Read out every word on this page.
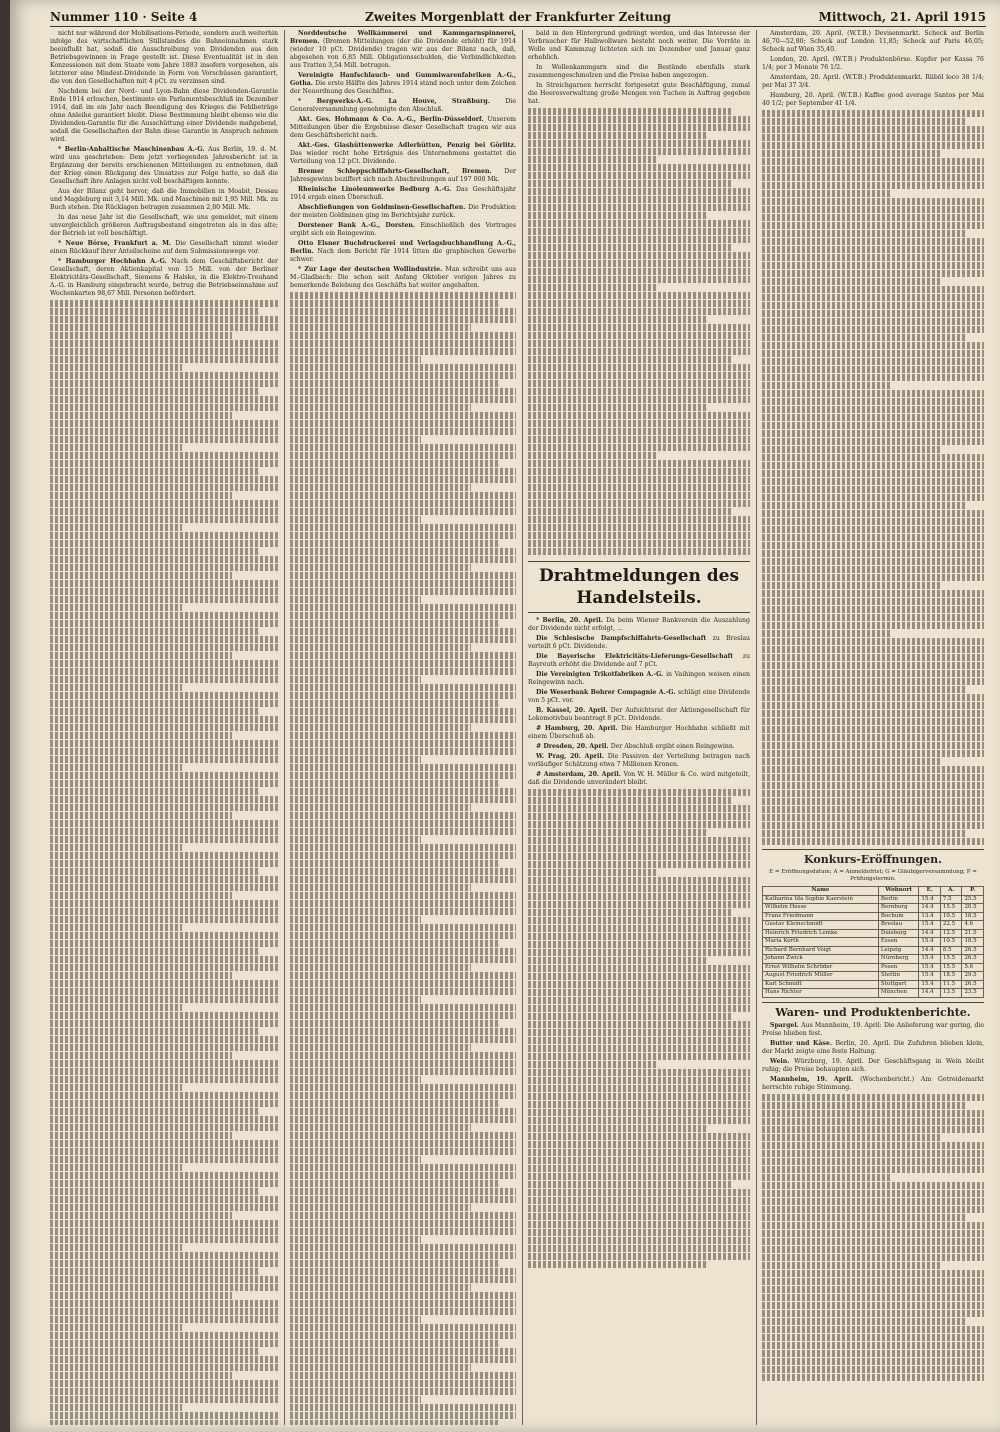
Nummer 110 · Seite 4	Zweites Morgenblatt der Frankfurter Zeitung	Mittwoch, 21. April 1915

nicht nur während der Mobilisations-Periode, sondern auch weiterhin infolge des wirtschaftlichen Stillstandes die Bahneinnahmen stark beeinflußt hat, sodaß die Ausschreibung von Dividenden aus den Betriebsgewinnen in Frage gestellt ist. Diese Eventualität ist in den Konzessionen mit dem Staate vom Jahre 1883 insofern vorgesehen, als letzterer eine Mindest-Dividende in Form von Vorschüssen garantiert, die von den Gesellschaften mit 4 pCt. zu verzinsen sind.

Nachdem bei der Nord- und Lyon-Bahn diese Dividenden-Garantie Ende 1914 erloschen, bestimmte ein Parlamentsbeschluß im Dezember 1914, daß im ein Jahr nach Beendigung des Krieges die Fehlbeträge ohne Anleihe garantiert bleibt. Diese Bestimmung bleibt ebenso wie die Dividenden-Garantie für die Ausschüttung einer Dividende maßgebend, sodaß die Gesellschaften der Bahn diese Garantie in Anspruch nehmen wird.

* Berlin-Anhaltische Maschinenbau A.-G. Aus Berlin, 19. d. M. wird uns geschrieben: Dem jetzt vorliegenden Jahresbericht ist in Ergänzung der bereits erschienenen Mitteilungen zu entnehmen, daß der Krieg einen Rückgang des Umsatzes zur Folge hatte, so daß die Gesellschaft ihre Anlagen nicht voll beschäftigen konnte.

Aus der Bilanz geht hervor, daß die Immobilien in Moabit, Dessau und Magdeburg mit 3,14 Mill. Mk. und Maschinen mit 1,95 Mill. Mk. zu Buch stehen. Die Rücklagen betragen zusammen 2,80 Mill. Mk.

In das neue Jahr ist die Gesellschaft, wie uns gemeldet, mit einem unvergleichlich größeren Auftragsbestand eingetreten als in das alte; der Betrieb ist voll beschäftigt.

* Neue Börse, Frankfurt a. M. Die Gesellschaft nimmt wieder einen Rückkauf ihrer Anteilscheine auf dem Submissionswege vor.

* Hamburger Hochbahn A.-G. Nach dem Geschäftsbericht der Gesellschaft, deren Aktienkapital von 15 Mill. von der Berliner Elektricitäts-Gesellschaft, Siemens & Halske, in die Elektro-Treuhand A.-G. in Hamburg eingebracht wurde, betrug die Betriebseinnahme auf Wochenkarten 98,67 Mill. Personen befördert.

Norddeutsche Wollkämmerei und Kammgarnspinnerei, Bremen. (Bremen Mitteilungen (der die Dividende erhöht) für 1914 (wieder 10 pCt. Dividende) tragen wir aus der Bilanz nach, daß, abgesehen von 6,85 Mill. Obligationsschulden, die Verbindlichkeiten aus Tratten 3,54 Mill. betrugen.

Vereinigte Hanfschlauch- und Gummiwarenfabriken A.-G., Gotha. Die erste Hälfte des Jahres 1914 stand noch unter dem Zeichen der Neuordnung des Geschäftes.

* Bergwerks-A.-G. La Houve, Straßburg. Die Generalversammlung genehmigte den Abschluß.

Akt. Ges. Hohmann & Co. A.-G., Berlin-Düsseldorf. Unserem Mitteilungen über die Ergebnisse dieser Gesellschaft tragen wir aus dem Geschäftsbericht nach.

Akt.-Ges. Glashüttenwerke Adlerhütten, Penzig bei Görlitz. Das wieder recht hohe Erträgnis des Unternehmens gestattet die Verteilung von 12 pCt. Dividende.

Bremer Schleppschiffahrts-Gesellschaft, Bremen. Der Jahresgewinn beziffert sich nach Abschreibungen auf 197 000 Mk.

Rheinische Linoleumwerke Bedburg A.-G. Das Geschäftsjahr 1914 ergab einen Überschuß.

Abschließungen von Goldminen-Gesellschaften. Die Produktion der meisten Goldminen ging im Berichtsjahr zurück.

Dorstener Bank A.-G., Dorsten. Einschließlich des Vortrages ergibt sich ein Reingewinn.

Otto Elsner Buchdruckerei und Verlagsbuchhandlung A.-G., Berlin. Nach dem Bericht für 1914 litten die graphischen Gewerbe schwer.

* Zur Lage der deutschen Wollindustrie. Man schreibt uns aus M.-Gladbach: Die schon seit Anfang Oktober vorigen Jahres zu bemerkende Belebung des Geschäfts hat weiter angehalten.

bald in den Hintergrund gedrängt worden, und das Interesse der Verbraucher für Halbwollware besteht noch weiter. Die Vorräte in Wolle und Kammzug lichteten sich im Dezember und Januar ganz erheblich.

In Wollenkammgarn sind die Bestände ebenfalls stark zusammengeschmolzen und die Preise haben angezogen.

In Streichgarnen herrscht fortgesetzt gute Beschäftigung, zumal die Heeresverwaltung große Mengen von Tuchen in Auftrag gegeben hat.

Drahtmeldungen des Handelsteils.

* Berlin, 20. April. Da beim Wiener Bankverein die Auszahlung der Dividende nicht erfolgt, ...

Die Schlesische Dampfschiffahrts-Gesellschaft zu Breslau verteilt 6 pCt. Dividende.

Die Bayerische Elektricitäts-Lieferungs-Gesellschaft zu Bayreuth erhöht die Dividende auf 7 pCt.

Die Vereinigten Trikotfabriken A.-G. in Vaihingen weisen einen Reingewinn nach.

Die Weserbank Bohrer Compagnie A.-G. schlägt eine Dividende von 5 pCt. vor.

B. Kassel, 20. April. Der Aufsichtsrat der Aktiengesellschaft für Lokomotivbau beantragt 8 pCt. Dividende.

# Hamburg, 20. April. Die Hamburger Hochbahn schließt mit einem Überschuß ab.

# Dresden, 20. April. Der Abschluß ergibt einen Reingewinn.

W. Prag, 20. April. Die Passiven der Verteilung betragen nach vorläufiger Schätzung etwa 7 Millionen Kronen.

# Amsterdam, 20. April. Von W. H. Müller & Co. wird mitgeteilt, daß die Dividende unverändert bleibt.

Amsterdam, 20. April. (W.T.B.) Devisenmarkt. Scheck auf Berlin 46,70—52,80; Scheck auf London 11,85; Scheck auf Paris 46,05; Scheck auf Wien 35,40.

London, 20. April. (W.T.B.) Produktenbörse. Kupfer per Kassa 76 1/4; per 3 Monate 76 1/2.

Amsterdam, 20. April. (W.T.B.) Produktenmarkt. Rüböl loco 38 1/4; per Mai 37 3/4.

Hamburg, 20. April. (W.T.B.) Kaffee good average Santos per Mai 40 1/2; per September 41 1/4.

Konkurs-Eröffnungen.
E = Eröffnungsdatum; A = Anmeldefrist; G = Gläubigerversammlung; P = Prüfungstermin.
Name	Wohnort	E.	A.	P.
Katharina Ida Sophie Kaerstein	Berlin	15.4	7.5	25.5
Wilhelm Hesse	Bernburg	14.4	15.5	20.5
Franz Friedmann	Bochum	13.4	10.5	18.5
Gustav Kleinschmidt	Breslau	15.4	22.5	4.6
Heinrich Friedrich Lemke	Duisburg	14.4	12.5	21.5
Maria Kerth	Essen	15.4	10.5	18.5
Richard Bernhard Voigt	Leipzig	14.4	8.5	26.5
Johann Zwick	Nürnberg	15.4	15.5	26.5
Ernst Wilhelm Schröder	Posen	15.4	15.5	5.6
August Friedrich Müller	Stettin	15.4	18.5	29.5
Karl Schmidt	Stuttgart	15.4	11.5	26.5
Hans Richter	München	14.4	13.5	23.5
Waren- und Produktenberichte.

Spargel. Aus Mannheim, 19. April: Die Anlieferung war gering, die Preise blieben fest.

Butter und Käse. Berlin, 20. April. Die Zufuhren blieben klein, der Markt zeigte eine feste Haltung.

Wein. Würzburg, 19. April. Der Geschäftsgang in Wein bleibt ruhig; die Preise behaupten sich.

Mannheim, 19. April. (Wochenbericht.) Am Getreidemarkt herrschte ruhige Stimmung.
